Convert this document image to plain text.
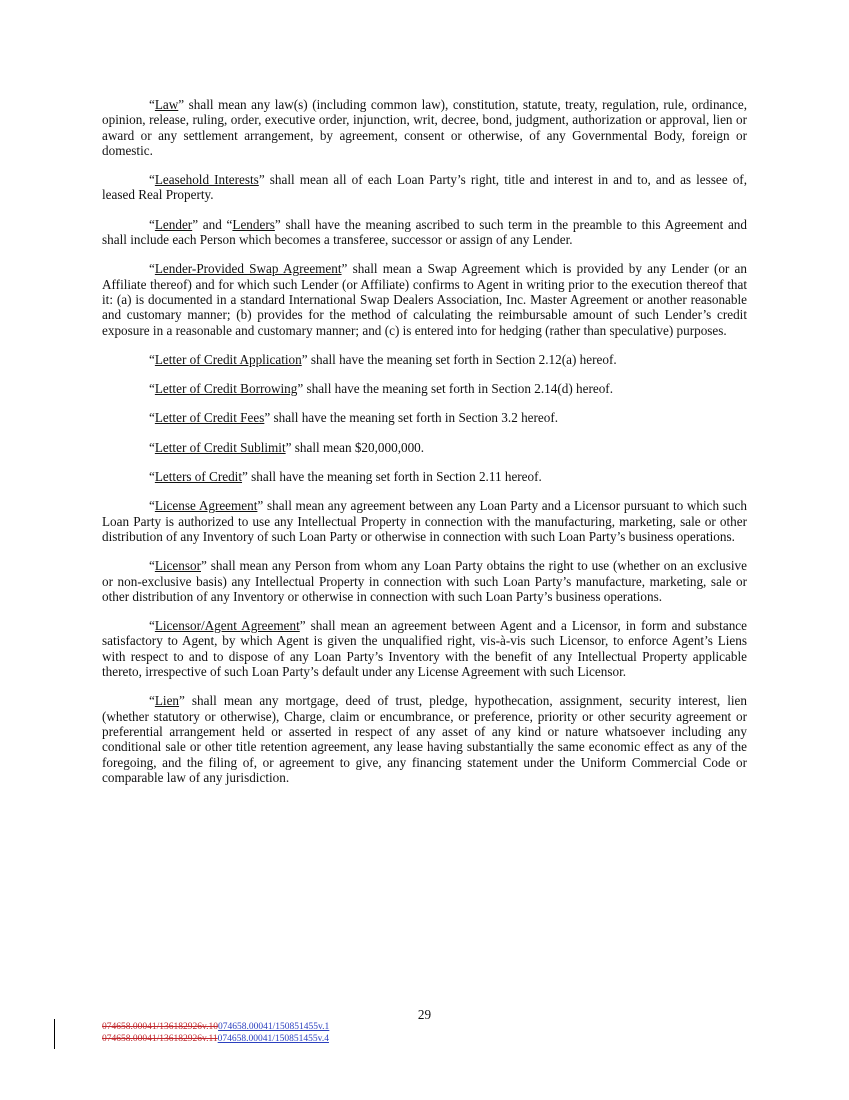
“Law” shall mean any law(s) (including common law), constitution, statute, treaty, regulation, rule, ordinance, opinion, release, ruling, order, executive order, injunction, writ, decree, bond, judgment, authorization or approval, lien or award or any settlement arrangement, by agreement, consent or otherwise, of any Governmental Body, foreign or domestic.

“Leasehold Interests” shall mean all of each Loan Party’s right, title and interest in and to, and as lessee of, leased Real Property.

“Lender” and “Lenders” shall have the meaning ascribed to such term in the preamble to this Agreement and shall include each Person which becomes a transferee, successor or assign of any Lender.

“Lender-Provided Swap Agreement” shall mean a Swap Agreement which is provided by any Lender (or an Affiliate thereof) and for which such Lender (or Affiliate) confirms to Agent in writing prior to the execution thereof that it: (a) is documented in a standard International Swap Dealers Association, Inc. Master Agreement or another reasonable and customary manner; (b) provides for the method of calculating the reimbursable amount of such Lender’s credit exposure in a reasonable and customary manner; and (c) is entered into for hedging (rather than speculative) purposes.

“Letter of Credit Application” shall have the meaning set forth in Section 2.12(a) hereof.

“Letter of Credit Borrowing” shall have the meaning set forth in Section 2.14(d) hereof.

“Letter of Credit Fees” shall have the meaning set forth in Section 3.2 hereof.

“Letter of Credit Sublimit” shall mean $20,000,000.

“Letters of Credit” shall have the meaning set forth in Section 2.11 hereof.

“License Agreement” shall mean any agreement between any Loan Party and a Licensor pursuant to which such Loan Party is authorized to use any Intellectual Property in connection with the manufacturing, marketing, sale or other distribution of any Inventory of such Loan Party or otherwise in connection with such Loan Party’s business operations.

“Licensor” shall mean any Person from whom any Loan Party obtains the right to use (whether on an exclusive or non-exclusive basis) any Intellectual Property in connection with such Loan Party’s manufacture, marketing, sale or other distribution of any Inventory or otherwise in connection with such Loan Party’s business operations.

“Licensor/Agent Agreement” shall mean an agreement between Agent and a Licensor, in form and substance satisfactory to Agent, by which Agent is given the unqualified right, vis-à-vis such Licensor, to enforce Agent’s Liens with respect to and to dispose of any Loan Party’s Inventory with the benefit of any Intellectual Property applicable thereto, irrespective of such Loan Party’s default under any License Agreement with such Licensor.

“Lien” shall mean any mortgage, deed of trust, pledge, hypothecation, assignment, security interest, lien (whether statutory or otherwise), Charge, claim or encumbrance, or preference, priority or other security agreement or preferential arrangement held or asserted in respect of any asset of any kind or nature whatsoever including any conditional sale or other title retention agreement, any lease having substantially the same economic effect as any of the foregoing, and the filing of, or agreement to give, any financing statement under the Uniform Commercial Code or comparable law of any jurisdiction.

29
074658.00041/136182926v.10074658.00041/150851455v.1
074658.00041/136182926v.11074658.00041/150851455v.4
